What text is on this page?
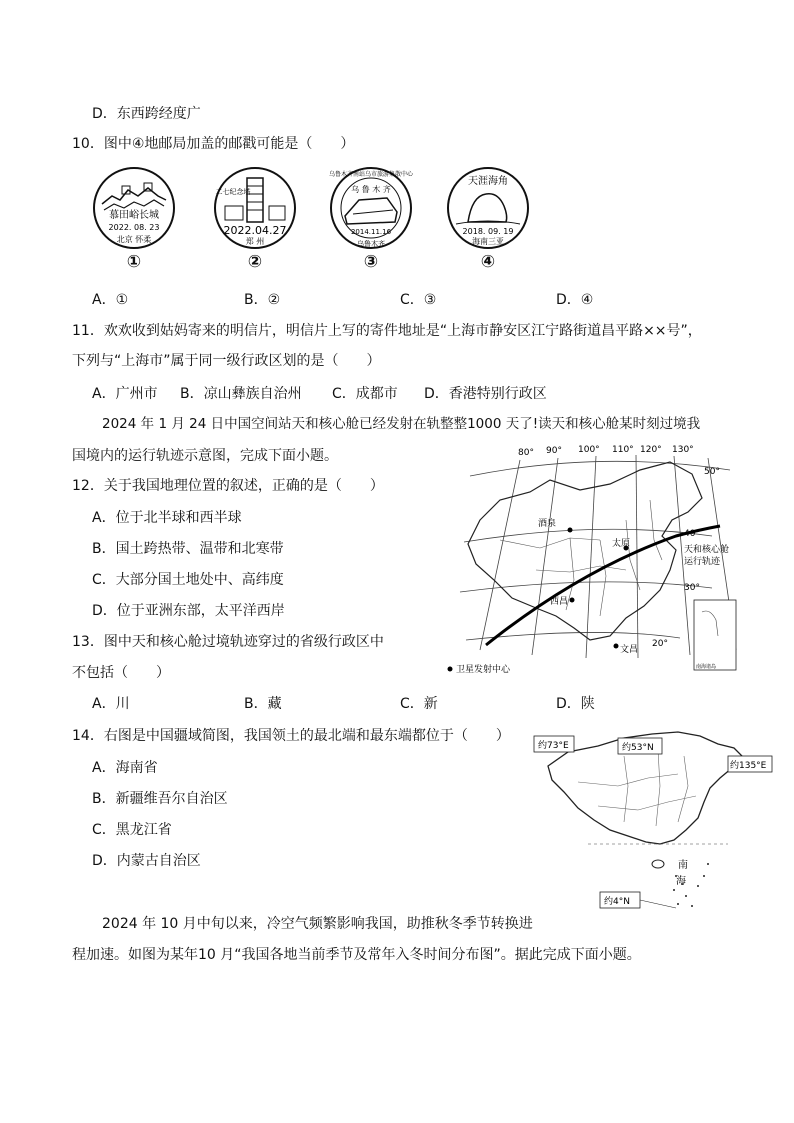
D．东西跨经度广
10．图中④地邮局加盖的邮戳可能是（　　）
慕田峪长城
2022. 08. 23
北京 怀柔
①
二七纪念塔
2022.04.27
郑 州
②
乌鲁木齐南站乌市旅游集散中心
乌 鲁 木 齐
2014.11.16
乌鲁木齐
③
天涯海角
2018. 09. 19
海南三亚
④
A．①	B．②	C．③	D．④
11．欢欢收到姑妈寄来的明信片，明信片上写的寄件地址是“上海市静安区江宁路街道昌平路××号”，
下列与“上海市”属于同一级行政区划的是（　　）
A．广州市 B．凉山彝族自治州 C．成都市 D．香港特别行政区
2024 年 1 月 24 日中国空间站天和核心舱已经发射在轨整整1000 天了!读天和核心舱某时刻过境我
国境内的运行轨迹示意图，完成下面小题。
12．关于我国地理位置的叙述，正确的是（　　）
A．位于北半球和西半球
B．国土跨热带、温带和北寒带
C．大部分国土地处中、高纬度
D．位于亚洲东部，太平洋西岸
13．图中天和核心舱过境轨迹穿过的省级行政区中
不包括（　　）
A．川	B．藏	C．新	D．陕
80° 90° 100° 110° 120° 130°
50°
40°
30°
20°
酒泉
太原
西昌
文昌
天和核心舱
运行轨迹
南海诸岛
卫星发射中心
14．右图是中国疆域简图，我国领土的最北端和最东端都位于（　　）
A．海南省
B．新疆维吾尔自治区
C．黑龙江省
D．内蒙古自治区	南
海
约73°E	约53°N
约135°E
约4°N
2024 年 10 月中旬以来，冷空气频繁影响我国，助推秋冬季节转换进
程加速。如图为某年10 月“我国各地当前季节及常年入冬时间分布图”。据此完成下面小题。
